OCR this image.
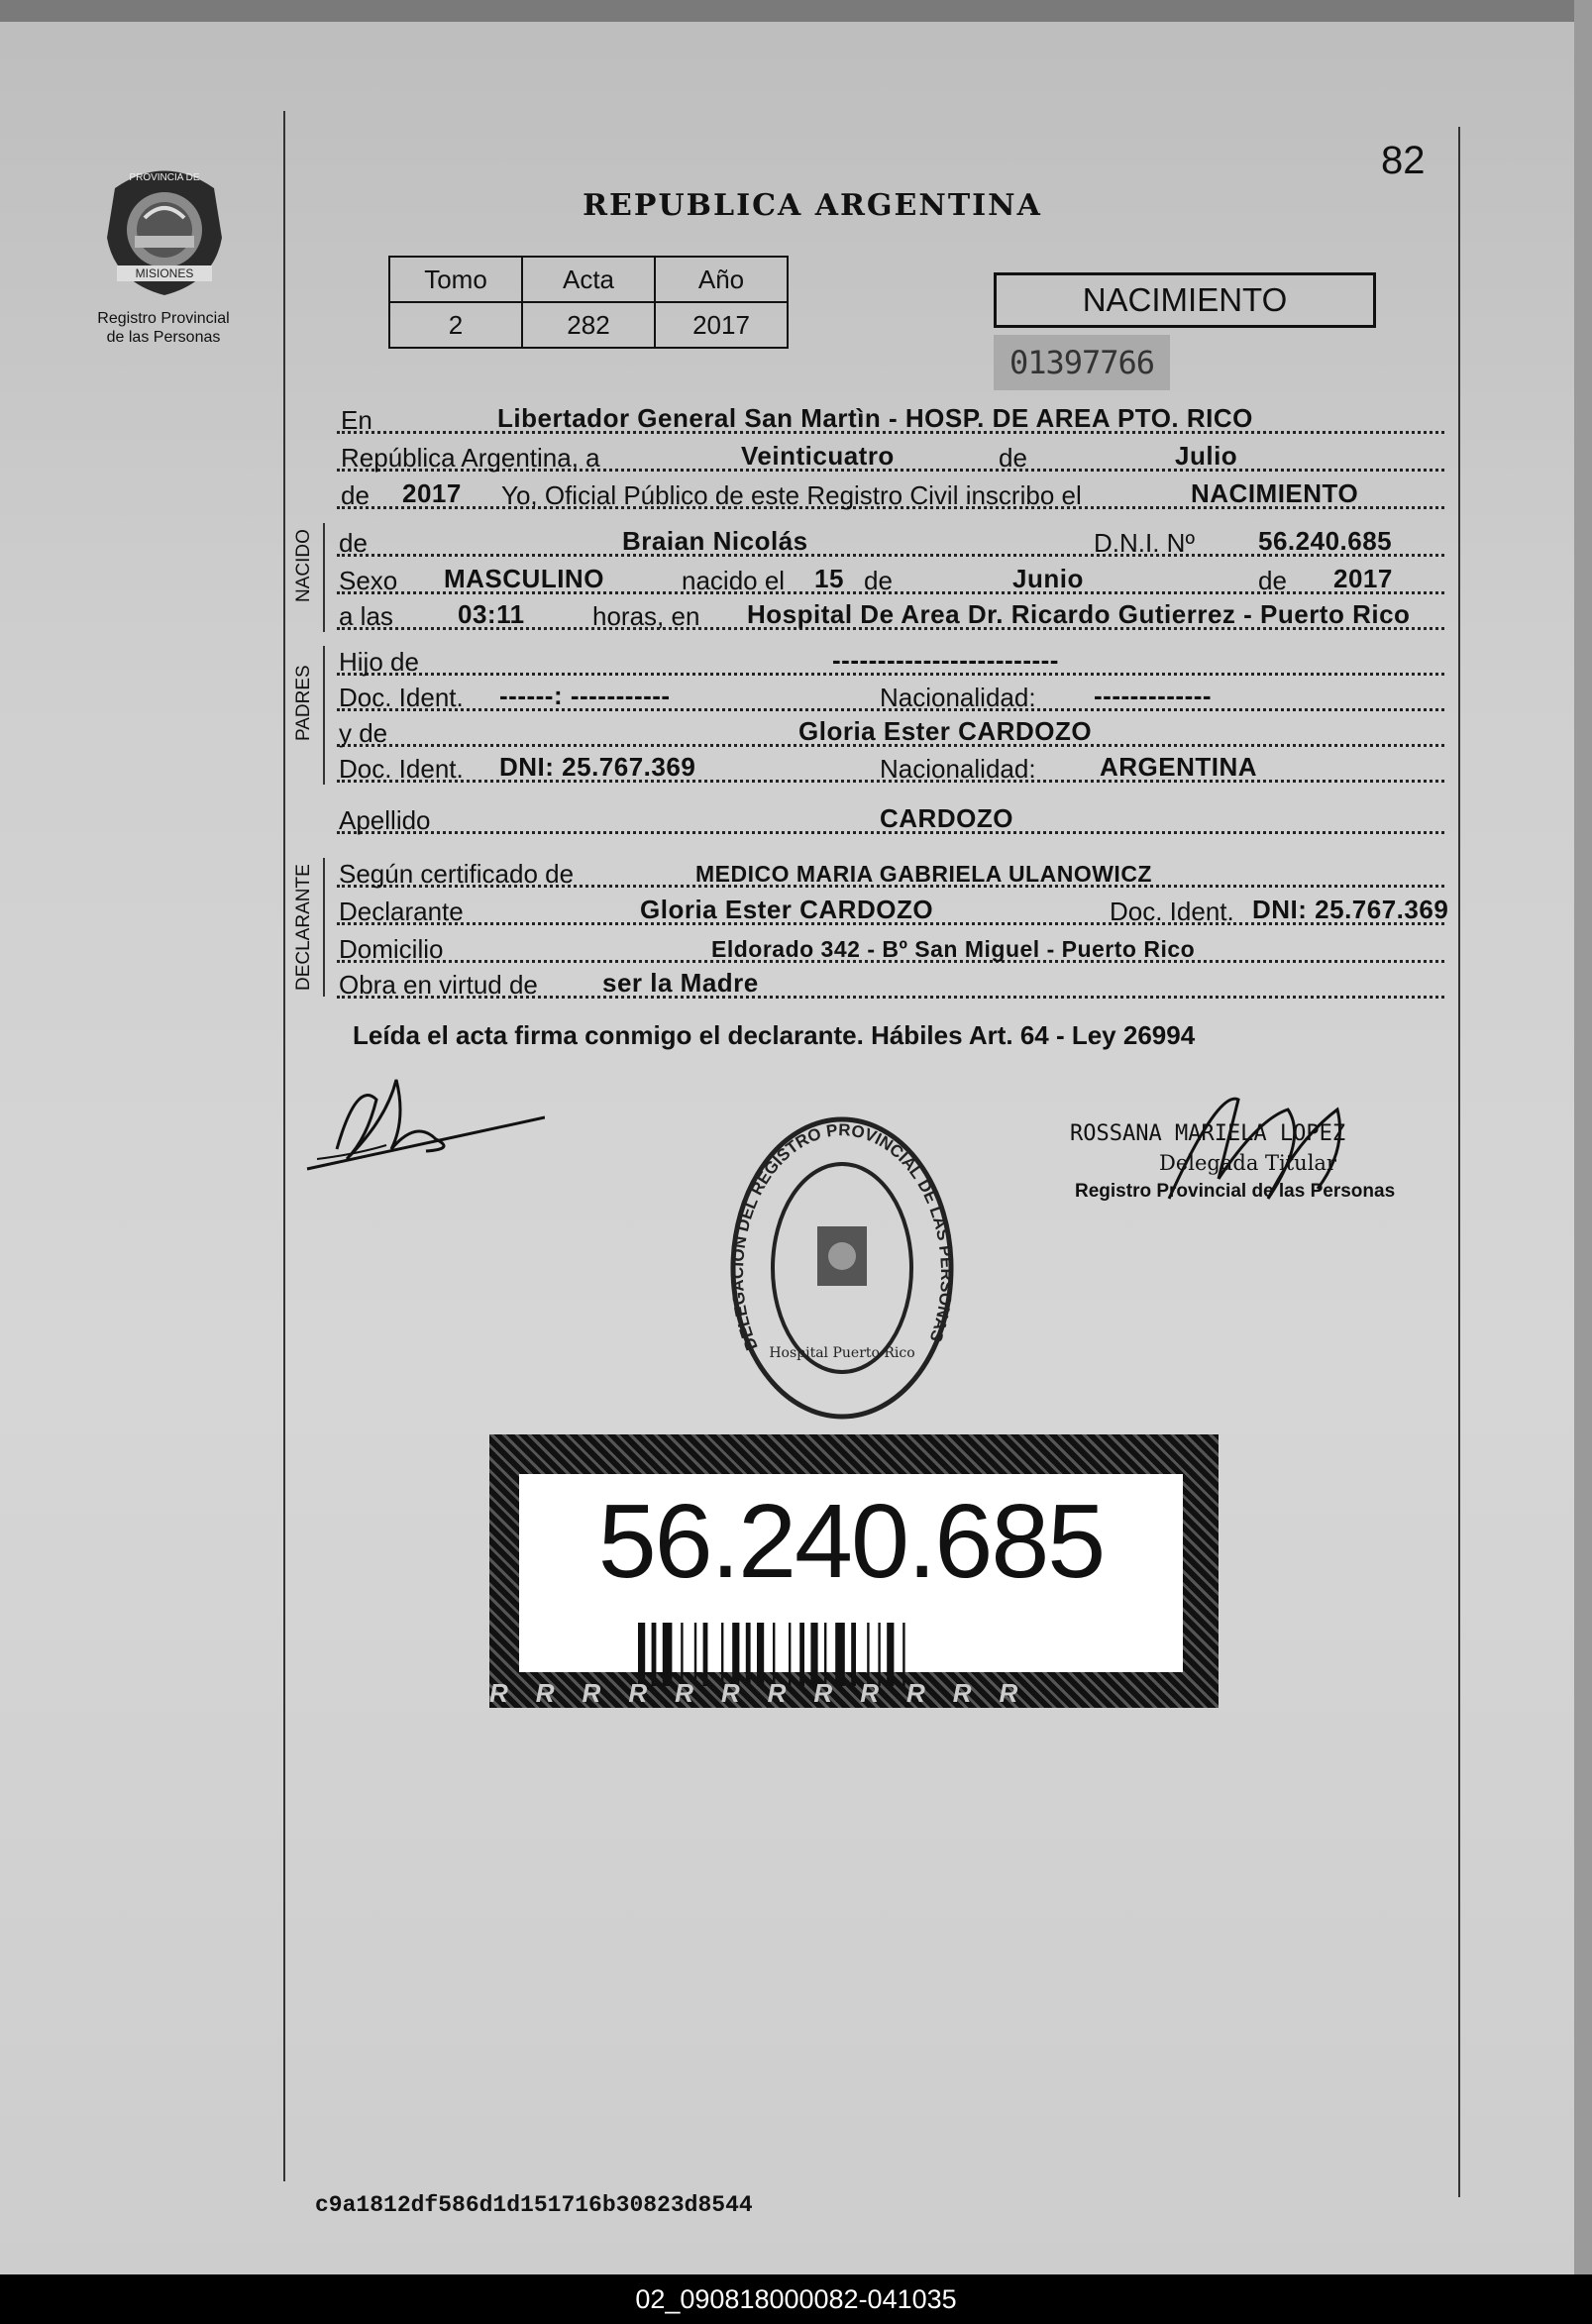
82
REPUBLICA ARGENTINA
MISIONES
PROVINCIA DE
Registro Provincial
de las Personas
Tomo	Acta	Año
2	282	2017
NACIMIENTO
01397766
En	Libertador General San Martìn - HOSP. DE AREA PTO. RICO
República Argentina, a	Veinticuatro	de	Julio
de 2017 Yo, Oficial Público de este Registro Civil inscribo el	NACIMIENTO
NACIDO de	Braian Nicolás	D.N.I. Nº 56.240.685
Sexo MASCULINO	nacido el 15 de	Junio	de 2017
a las	03:11	horas, en Hospital De Area Dr. Ricardo Gutierrez - Puerto Rico
PADRES
Hijo de	-------------------------
Doc. Ident. ------: -----------	Nacionalidad: -------------
y de	Gloria Ester CARDOZO
Doc. Ident. DNI: 25.767.369	Nacionalidad: ARGENTINA
Apellido	CARDOZO
DECLARANTE Según certificado de	MEDICO MARIA GABRIELA ULANOWICZ
Declarante	Gloria Ester CARDOZO	Doc. Ident. DNI: 25.767.369
Domicilio	Eldorado 342 - Bº San Miguel - Puerto Rico
Obra en virtud de	ser la Madre
Leída el acta firma conmigo el declarante. Hábiles Art. 64 - Ley 26994
ROSSANA MARIELA LOPEZ
Delegada Titular
Registro Provincial de las Personas
DELEGACION DEL REGISTRO PROVINCIAL DE LAS PERSONAS
Hospital Puerto Rico
56.240.685
RRRRRRRRRRRR
c9a1812df586d1d151716b30823d8544
02_090818000082-041035
